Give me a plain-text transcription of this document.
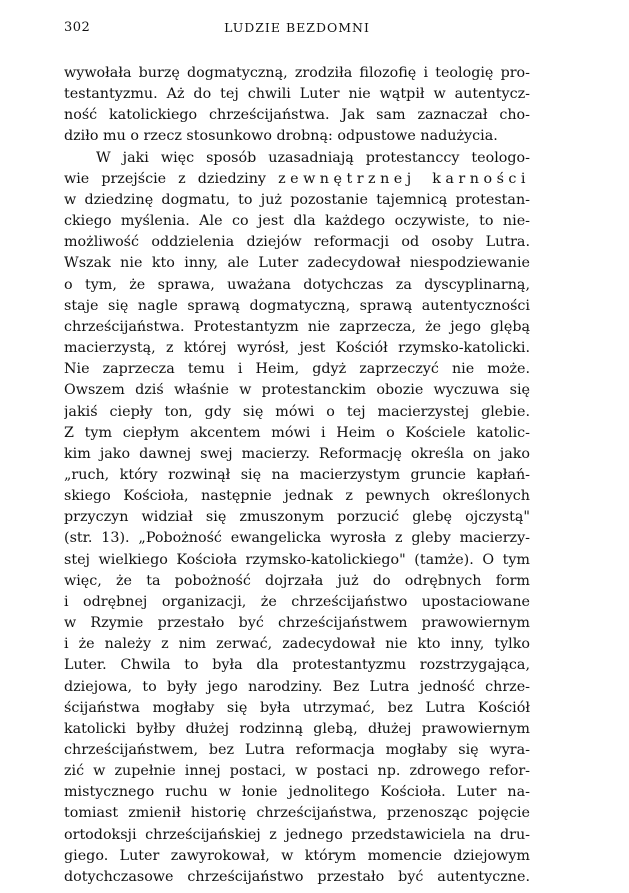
302	LUDZIE BEZDOMNI
wywołała burzę dogmatyczną, zrodziła filozofię i teologię pro-
testantyzmu. Aż do tej chwili Luter nie wątpił w autentycz-
ność katolickiego chrześcijaństwa. Jak sam zaznaczał cho-
dziło mu o rzecz stosunkowo drobną: odpustowe nadużycia.
W jaki więc sposób uzasadniają protestanccy teologo-
wie przejście z dziedziny zewnętrznej karności
w dziedzinę dogmatu, to już pozostanie tajemnicą protestan-
ckiego myślenia. Ale co jest dla każdego oczywiste, to nie-
możliwość oddzielenia dziejów reformacji od osoby Lutra.
Wszak nie kto inny, ale Luter zadecydował niespodziewanie
o tym, że sprawa, uważana dotychczas za dyscyplinarną,
staje się nagle sprawą dogmatyczną, sprawą autentyczności
chrześcijaństwa. Protestantyzm nie zaprzecza, że jego glębą
macierzystą, z której wyrósł, jest Kościół rzymsko-katolicki.
Nie zaprzecza temu i Heim, gdyż zaprzeczyć nie może.
Owszem dziś właśnie w protestanckim obozie wyczuwa się
jakiś ciepły ton, gdy się mówi o tej macierzystej glebie.
Z tym ciepłym akcentem mówi i Heim o Kościele katolic-
kim jako dawnej swej macierzy. Reformację określa on jako
„ruch, który rozwinął się na macierzystym gruncie kapłań-
skiego Kościoła, następnie jednak z pewnych określonych
przyczyn widział się zmuszonym porzucić glebę ojczystą"
(str. 13). „Pobożność ewangelicka wyrosła z gleby macierzy-
stej wielkiego Kościoła rzymsko-katolickiego" (tamże). O tym
więc, że ta pobożność dojrzała już do odrębnych form
i odrębnej organizacji, że chrześcijaństwo upostaciowane
w Rzymie przestało być chrześcijaństwem prawowiernym
i że należy z nim zerwać, zadecydował nie kto inny, tylko
Luter. Chwila to była dla protestantyzmu rozstrzygająca,
dziejowa, to były jego narodziny. Bez Lutra jedność chrze-
ścijaństwa mogłaby się była utrzymać, bez Lutra Kościół
katolicki byłby dłużej rodzinną glebą, dłużej prawowiernym
chrześcijaństwem, bez Lutra reformacja mogłaby się wyra-
zić w zupełnie innej postaci, w postaci np. zdrowego refor-
mistycznego ruchu w łonie jednolitego Kościoła. Luter na-
tomiast zmienił historię chrześcijaństwa, przenosząc pojęcie
ortodoksji chrześcijańskiej z jednego przedstawiciela na dru-
giego. Luter zawyrokował, w którym momencie dziejowym
dotychczasowe chrześcijaństwo przestało być autentyczne.
